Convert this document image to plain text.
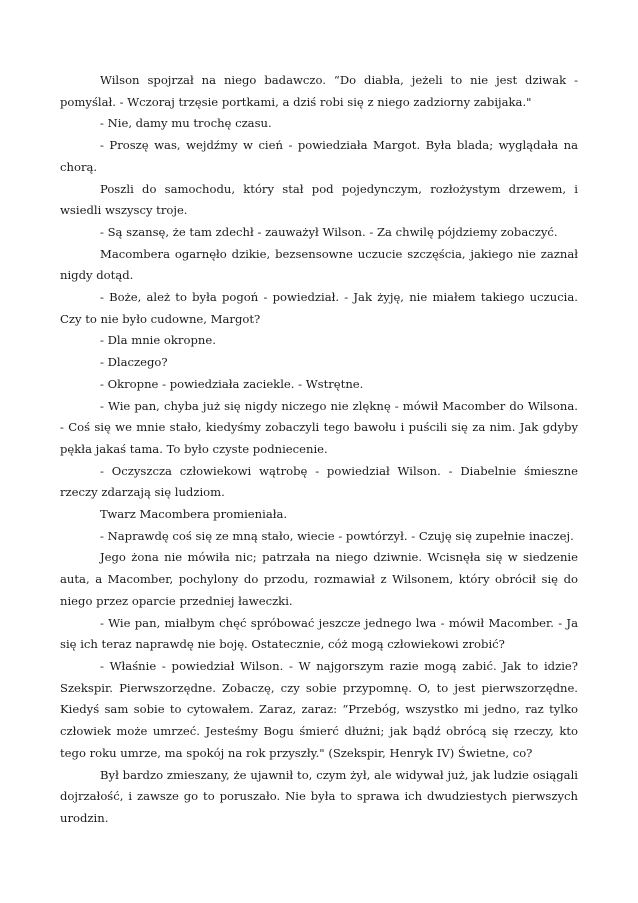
Wilson spojrzał na niego badawczo. “Do diabła, jeżeli to nie jest dziwak - pomyślał. - Wczoraj trzęsie portkami, a dziś robi się z niego zadziorny zabijaka."

- Nie, damy mu trochę czasu.

- Proszę was, wejdźmy w cień - powiedziała Margot. Była blada; wyglądała na chorą.

Poszli do samochodu, który stał pod pojedynczym, rozłożystym drzewem, i wsiedli wszyscy troje.

- Są szansę, że tam zdechł - zauważył Wilson. - Za chwilę pójdziemy zobaczyć.

Macombera ogarnęło dzikie, bezsensowne uczucie szczęścia, jakiego nie zaznał nigdy dotąd.

- Boże, ależ to była pogoń - powiedział. - Jak żyję, nie miałem takiego uczucia. Czy to nie było cudowne, Margot?

- Dla mnie okropne.

- Dlaczego?

- Okropne - powiedziała zaciekle. - Wstrętne.

- Wie pan, chyba już się nigdy niczego nie zlęknę - mówił Macomber do Wilsona. - Coś się we mnie stało, kiedyśmy zobaczyli tego bawołu i puścili się za nim. Jak gdyby pękła jakaś tama. To było czyste podniecenie.

- Oczyszcza człowiekowi wątrobę - powiedział Wilson. - Diabelnie śmieszne rzeczy zdarzają się ludziom.

Twarz Macombera promieniała.

- Naprawdę coś się ze mną stało, wiecie - powtórzył. - Czuję się zupełnie inaczej.

Jego żona nie mówiła nic; patrzała na niego dziwnie. Wcisnęła się w siedzenie auta, a Macomber, pochylony do przodu, rozmawiał z Wilsonem, który obrócił się do niego przez oparcie przedniej ławeczki.

- Wie pan, miałbym chęć spróbować jeszcze jednego lwa - mówił Macomber. - Ja się ich teraz naprawdę nie boję. Ostatecznie, cóż mogą człowiekowi zrobić?

- Właśnie - powiedział Wilson. - W najgorszym razie mogą zabić. Jak to idzie? Szekspir. Pierwszorzędne. Zobaczę, czy sobie przypomnę. O, to jest pierwszorzędne. Kiedyś sam sobie to cytowałem. Zaraz, zaraz: “Przebóg, wszystko mi jedno, raz tylko człowiek może umrzeć. Jesteśmy Bogu śmierć dłużni; jak bądź obrócą się rzeczy, kto tego roku umrze, ma spokój na rok przyszły." (Szekspir, Henryk IV) Świetne, co?

Był bardzo zmieszany, że ujawnił to, czym żył, ale widywał już, jak ludzie osiągali dojrzałość, i zawsze go to poruszało. Nie była to sprawa ich dwudziestych pierwszych urodzin.
